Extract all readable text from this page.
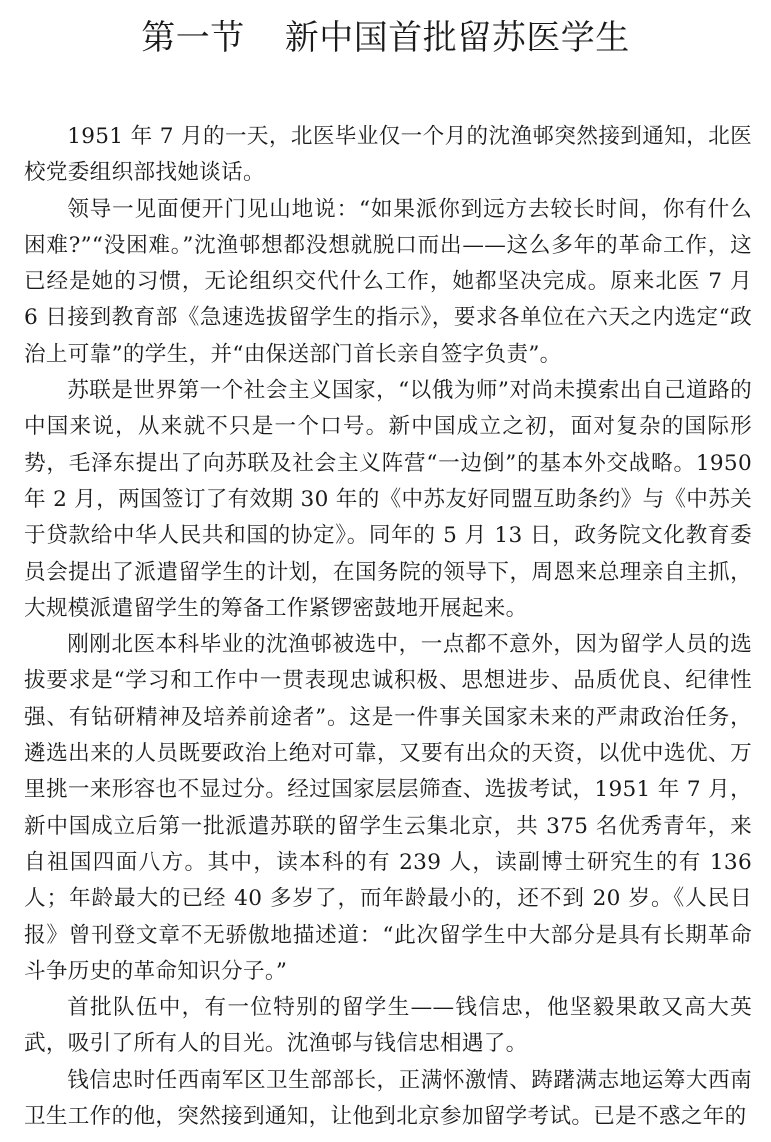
第一节 新中国首批留苏医学生

1951 年 7 月的一天，北医毕业仅一个月的沈渔邨突然接到通知，北医校党委组织部找她谈话。

领导一见面便开门见山地说：“如果派你到远方去较长时间，你有什么困难?”“没困难。”沈渔邨想都没想就脱口而出——这么多年的革命工作，这已经是她的习惯，无论组织交代什么工作，她都坚决完成。原来北医 7 月 6 日接到教育部《急速选拔留学生的指示》，要求各单位在六天之内选定“政治上可靠”的学生，并“由保送部门首长亲自签字负责”。

苏联是世界第一个社会主义国家，“以俄为师”对尚未摸索出自己道路的中国来说，从来就不只是一个口号。新中国成立之初，面对复杂的国际形势，毛泽东提出了向苏联及社会主义阵营“一边倒”的基本外交战略。1950 年 2 月，两国签订了有效期 30 年的《中苏友好同盟互助条约》与《中苏关于贷款给中华人民共和国的协定》。同年的 5 月 13 日，政务院文化教育委员会提出了派遣留学生的计划，在国务院的领导下，周恩来总理亲自主抓，大规模派遣留学生的筹备工作紧锣密鼓地开展起来。

刚刚北医本科毕业的沈渔邨被选中，一点都不意外，因为留学人员的选拔要求是“学习和工作中一贯表现忠诚积极、思想进步、品质优良、纪律性强、有钻研精神及培养前途者”。这是一件事关国家未来的严肃政治任务，遴选出来的人员既要政治上绝对可靠，又要有出众的天资，以优中选优、万里挑一来形容也不显过分。经过国家层层筛查、选拔考试，1951 年 7 月，新中国成立后第一批派遣苏联的留学生云集北京，共 375 名优秀青年，来自祖国四面八方。其中，读本科的有 239 人，读副博士研究生的有 136 人；年龄最大的已经 40 多岁了，而年龄最小的，还不到 20 岁。《人民日报》曾刊登文章不无骄傲地描述道：“此次留学生中大部分是具有长期革命斗争历史的革命知识分子。”

首批队伍中，有一位特别的留学生——钱信忠，他坚毅果敢又高大英武，吸引了所有人的目光。沈渔邨与钱信忠相遇了。

钱信忠时任西南军区卫生部部长，正满怀激情、踌躇满志地运筹大西南卫生工作的他，突然接到通知，让他到北京参加留学考试。已是不惑之年的
